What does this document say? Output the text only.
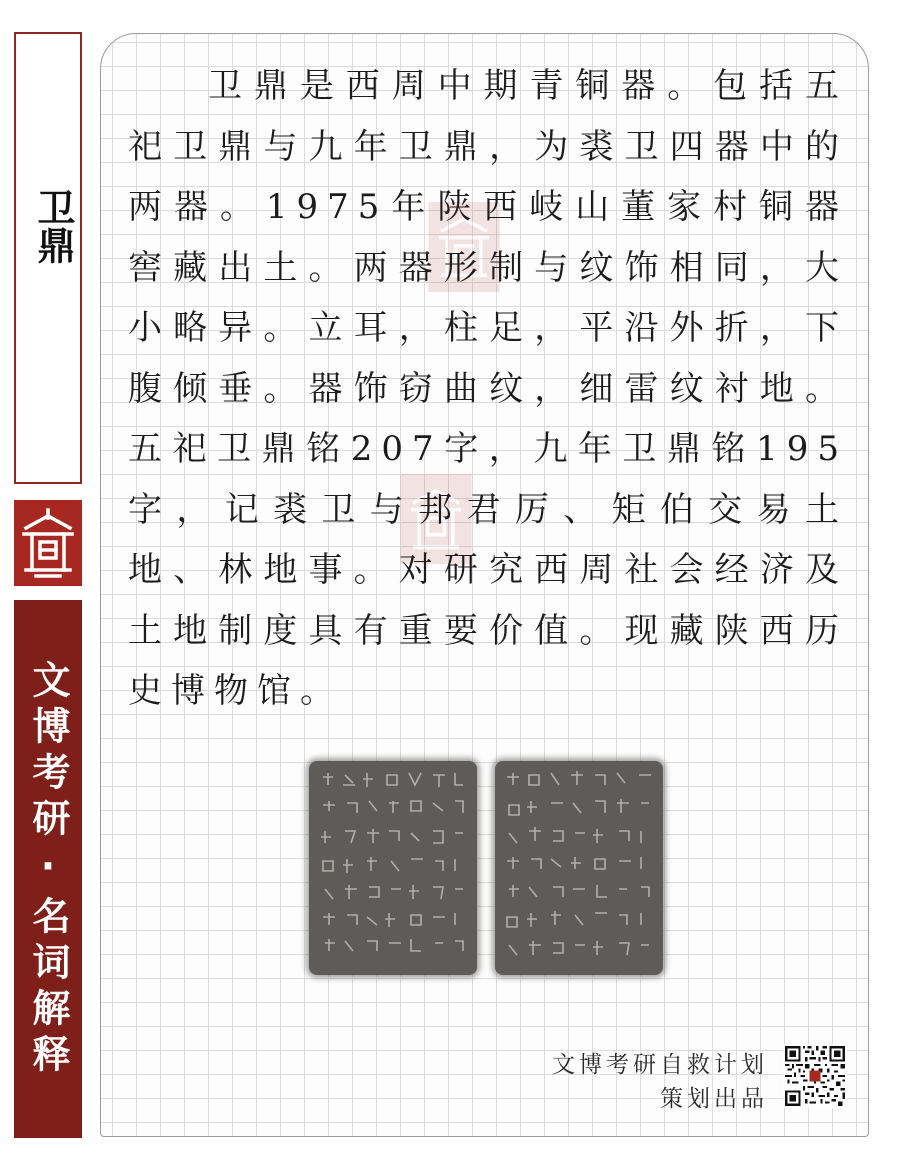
卫鼎
文博考研·名词解释

卫鼎是西周中期青铜器。包括五祀卫鼎与九年卫鼎，为裘卫四器中的两器。1975年陕西岐山董家村铜器窖藏出土。两器形制与纹饰相同，大小略异。立耳，柱足，平沿外折，下腹倾垂。器饰窃曲纹，细雷纹衬地。五祀卫鼎铭207字，九年卫鼎铭195字，记裘卫与邦君厉、矩伯交易土地、林地事。对研究西周社会经济及土地制度具有重要价值。现藏陕西历史博物馆。

文博考研自救计划
策划出品
